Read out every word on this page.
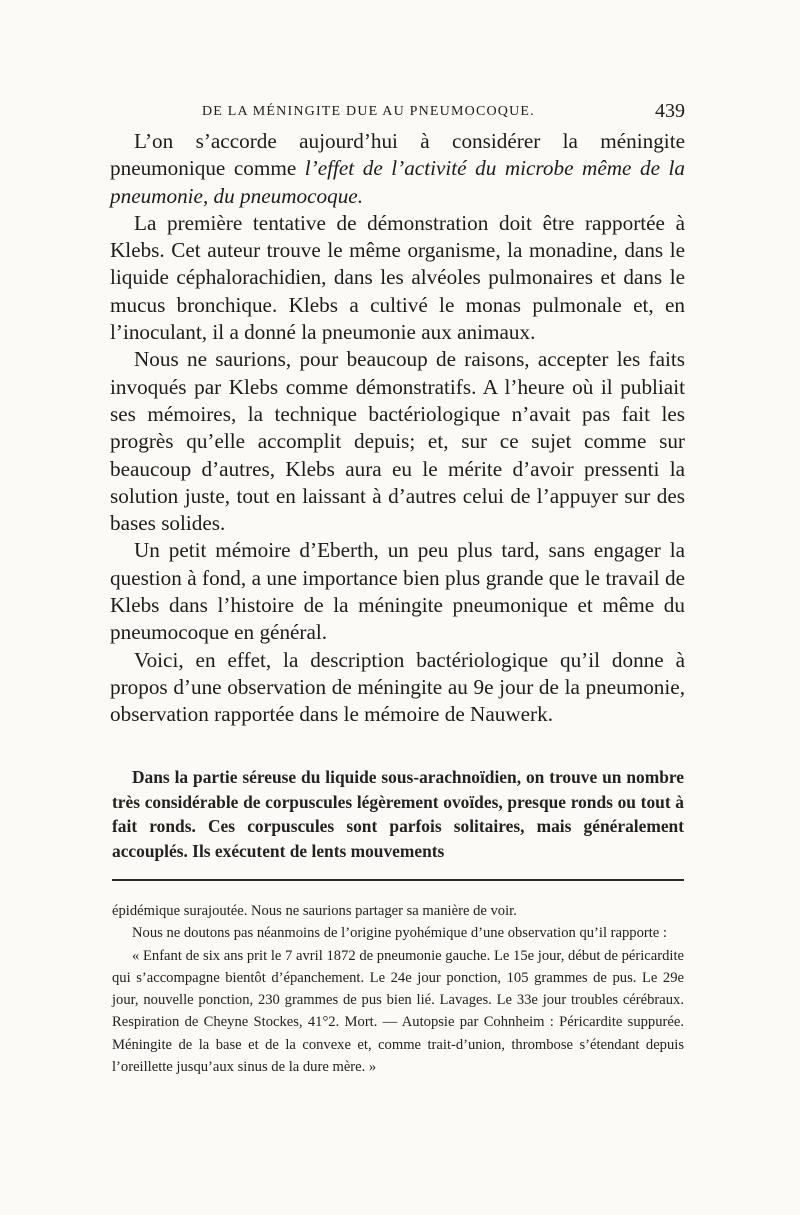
DE LA MÉNINGITE DUE AU PNEUMOCOQUE.	439

L’on s’accorde aujourd’hui à considérer la méningite pneumonique comme l’effet de l’activité du microbe même de la pneumonie, du pneumocoque.

La première tentative de démonstration doit être rapportée à Klebs. Cet auteur trouve le même organisme, la monadine, dans le liquide céphalorachidien, dans les alvéoles pulmonaires et dans le mucus bronchique. Klebs a cultivé le monas pulmonale et, en l’inoculant, il a donné la pneumonie aux animaux.

Nous ne saurions, pour beaucoup de raisons, accepter les faits invoqués par Klebs comme démonstratifs. A l’heure où il publiait ses mémoires, la technique bactériologique n’avait pas fait les progrès qu’elle accomplit depuis; et, sur ce sujet comme sur beaucoup d’autres, Klebs aura eu le mérite d’avoir pressenti la solution juste, tout en laissant à d’autres celui de l’appuyer sur des bases solides.

Un petit mémoire d’Eberth, un peu plus tard, sans engager la question à fond, a une importance bien plus grande que le travail de Klebs dans l’histoire de la méningite pneumonique et même du pneumocoque en général.

Voici, en effet, la description bactériologique qu’il donne à propos d’une observation de méningite au 9e jour de la pneumonie, observation rapportée dans le mémoire de Nauwerk.

Dans la partie séreuse du liquide sous-arachnoïdien, on trouve un nombre très considérable de corpuscules légèrement ovoïdes, presque ronds ou tout à fait ronds. Ces corpuscules sont parfois solitaires, mais généralement accouplés. Ils exécutent de lents mouvements

épidémique surajoutée. Nous ne saurions partager sa manière de voir.

Nous ne doutons pas néanmoins de l’origine pyohémique d’une observation qu’il rapporte :

« Enfant de six ans prit le 7 avril 1872 de pneumonie gauche. Le 15e jour, début de péricardite qui s’accompagne bientôt d’épanchement. Le 24e jour ponction, 105 grammes de pus. Le 29e jour, nouvelle ponction, 230 grammes de pus bien lié. Lavages. Le 33e jour troubles cérébraux. Respiration de Cheyne Stockes, 41°2. Mort. — Autopsie par Cohnheim : Péricardite suppurée. Méningite de la base et de la convexe et, comme trait-d’union, thrombose s’étendant depuis l’oreillette jusqu’aux sinus de la dure mère. »
